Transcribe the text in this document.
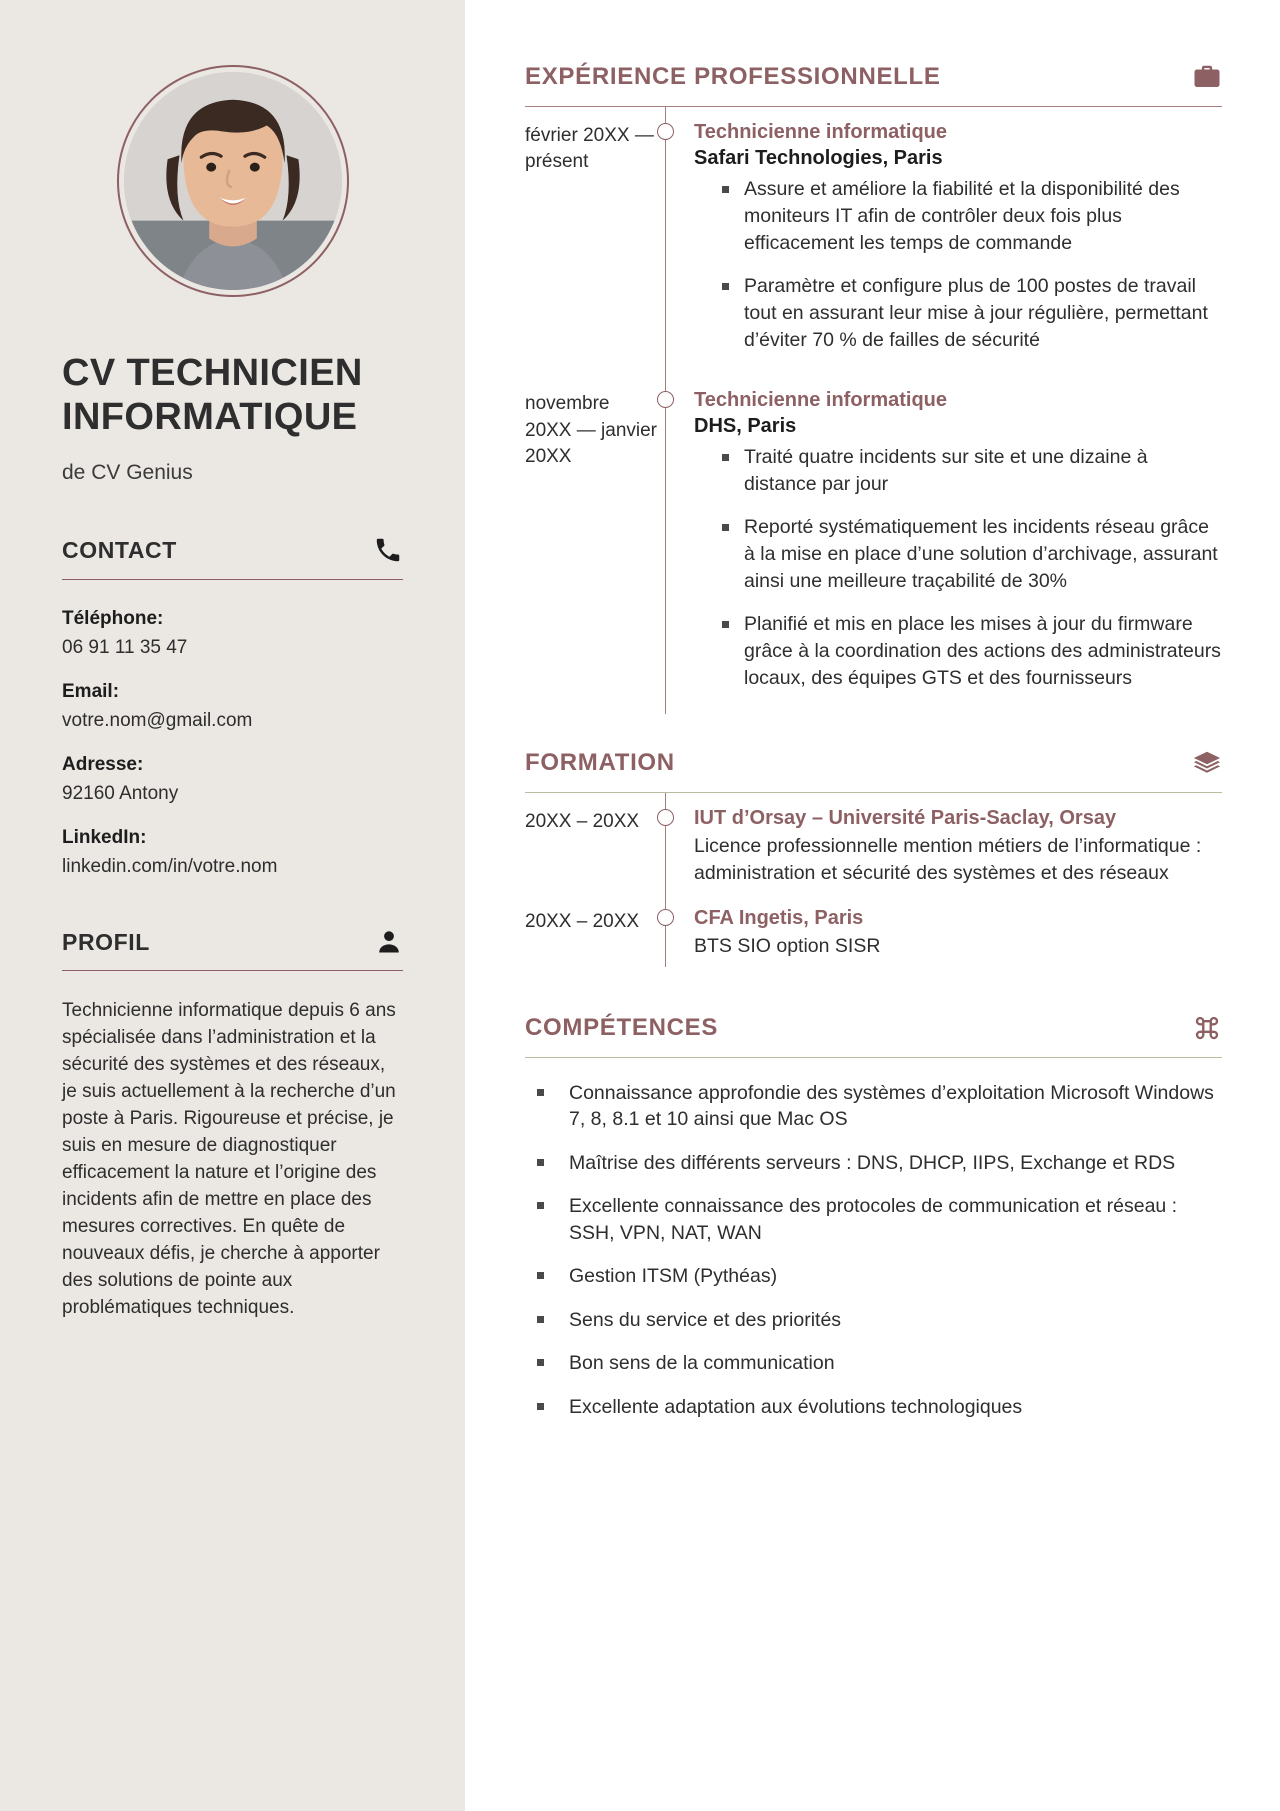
CV TECHNICIEN INFORMATIQUE
de CV Genius
CONTACT
Téléphone:
06 91 11 35 47
Email:
votre.nom@gmail.com
Adresse:
92160 Antony
LinkedIn:
linkedin.com/in/votre.nom
PROFIL

Technicienne informatique depuis 6 ans spécialisée dans l’administration et la sécurité des systèmes et des réseaux, je suis actuellement à la recherche d’un poste à Paris. Rigoureuse et précise, je suis en mesure de diagnostiquer efficacement la nature et l’origine des incidents afin de mettre en place des mesures correctives. En quête de nouveaux défis, je cherche à apporter des solutions de pointe aux problématiques techniques.

EXPÉRIENCE PROFESSIONNELLE
février 20XX — présent
Technicienne informatique
Safari Technologies, Paris
Assure et améliore la fiabilité et la disponibilité des moniteurs IT afin de contrôler deux fois plus efficacement les temps de commande
Paramètre et configure plus de 100 postes de travail tout en assurant leur mise à jour régulière, permettant d’éviter 70 % de failles de sécurité
novembre 20XX — janvier 20XX
Technicienne informatique
DHS, Paris
Traité quatre incidents sur site et une dizaine à distance par jour
Reporté systématiquement les incidents réseau grâce à la mise en place d’une solution d’archivage, assurant ainsi une meilleure traçabilité de 30%
Planifié et mis en place les mises à jour du firmware grâce à la coordination des actions des administrateurs locaux, des équipes GTS et des fournisseurs
FORMATION
20XX – 20XX	IUT d’Orsay – Université Paris-Saclay, Orsay
Licence professionnelle mention métiers de l’informatique : administration et sécurité des systèmes et des réseaux
20XX – 20XX	CFA Ingetis, Paris
BTS SIO option SISR
COMPÉTENCES
Connaissance approfondie des systèmes d’exploitation Microsoft Windows 7, 8, 8.1 et 10 ainsi que Mac OS
Maîtrise des différents serveurs : DNS, DHCP, IIPS, Exchange et RDS
Excellente connaissance des protocoles de communication et réseau : SSH, VPN, NAT, WAN
Gestion ITSM (Pythéas)
Sens du service et des priorités
Bon sens de la communication
Excellente adaptation aux évolutions technologiques
